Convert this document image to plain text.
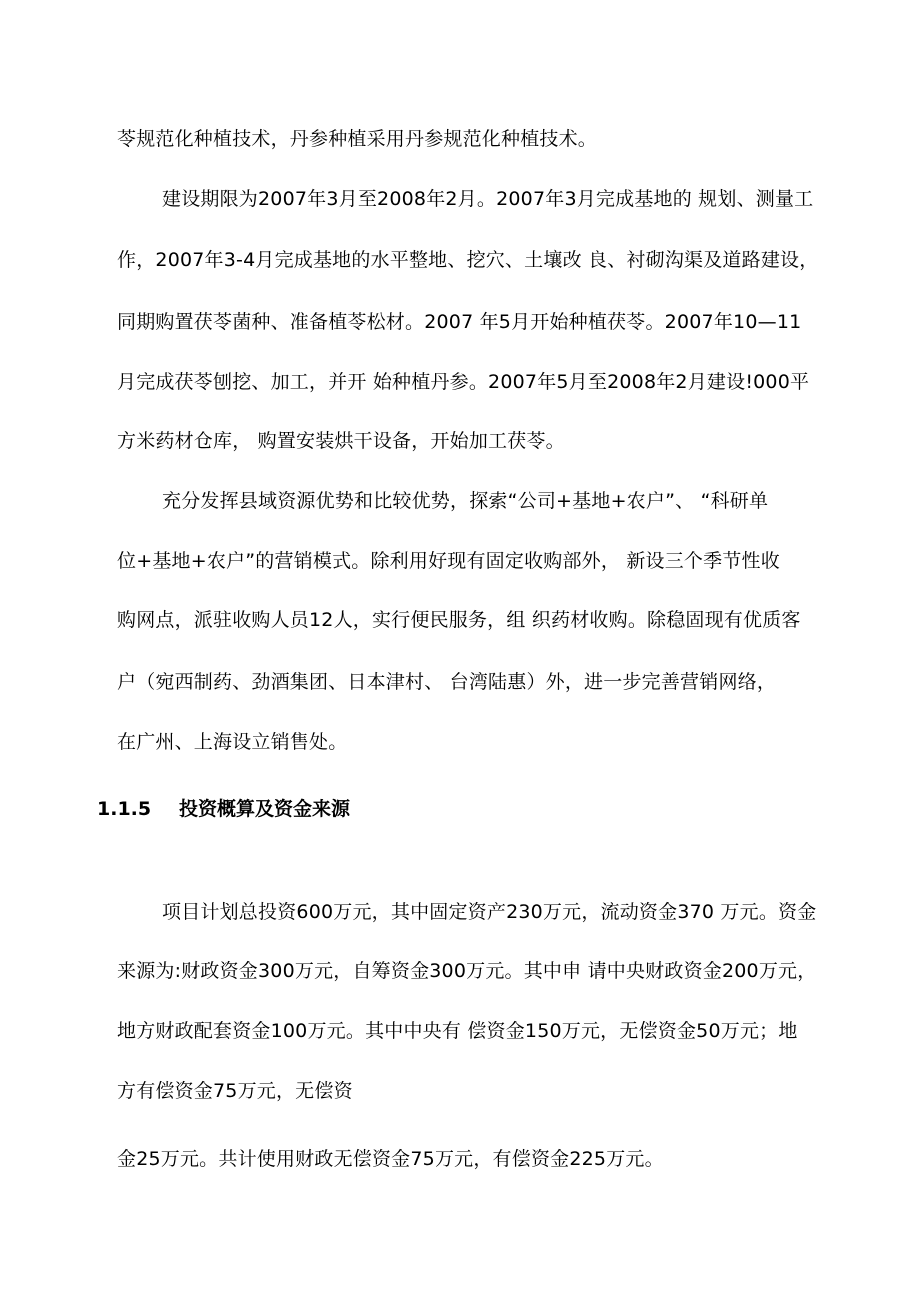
苓规范化种植技术，丹参种植采用丹参规范化种植技术。
建设期限为2007年3月至2008年2月。2007年3月完成基地的 规划、测量工
作，2007年3-4月完成基地的水平整地、挖穴、土壤改 良、衬砌沟渠及道路建设，
同期购置茯苓菌种、准备植苓松材。2007 年5月开始种植茯苓。2007年10—11
月完成茯苓刨挖、加工，并开 始种植丹参。2007年5月至2008年2月建设!000平
方米药材仓库， 购置安装烘干设备，开始加工茯苓。
充分发挥县域资源优势和比较优势，探索“公司+基地+农户”、 “科研单
位+基地+农户”的营销模式。除利用好现有固定收购部外， 新设三个季节性收
购网点，派驻收购人员12人，实行便民服务，组 织药材收购。除稳固现有优质客
户（宛西制药、劲酒集团、日本津村、 台湾陆惠）外，进一步完善营销网络，
在广州、上海设立销售处。
1.1.5 投资概算及资金来源
项目计划总投资600万元，其中固定资产230万元，流动资金370 万元。资金
来源为:财政资金300万元，自筹资金300万元。其中申 请中央财政资金200万元，
地方财政配套资金100万元。其中中央有 偿资金150万元，无偿资金50万元；地
方有偿资金75万元，无偿资
金25万元。共计使用财政无偿资金75万元，有偿资金225万元。
